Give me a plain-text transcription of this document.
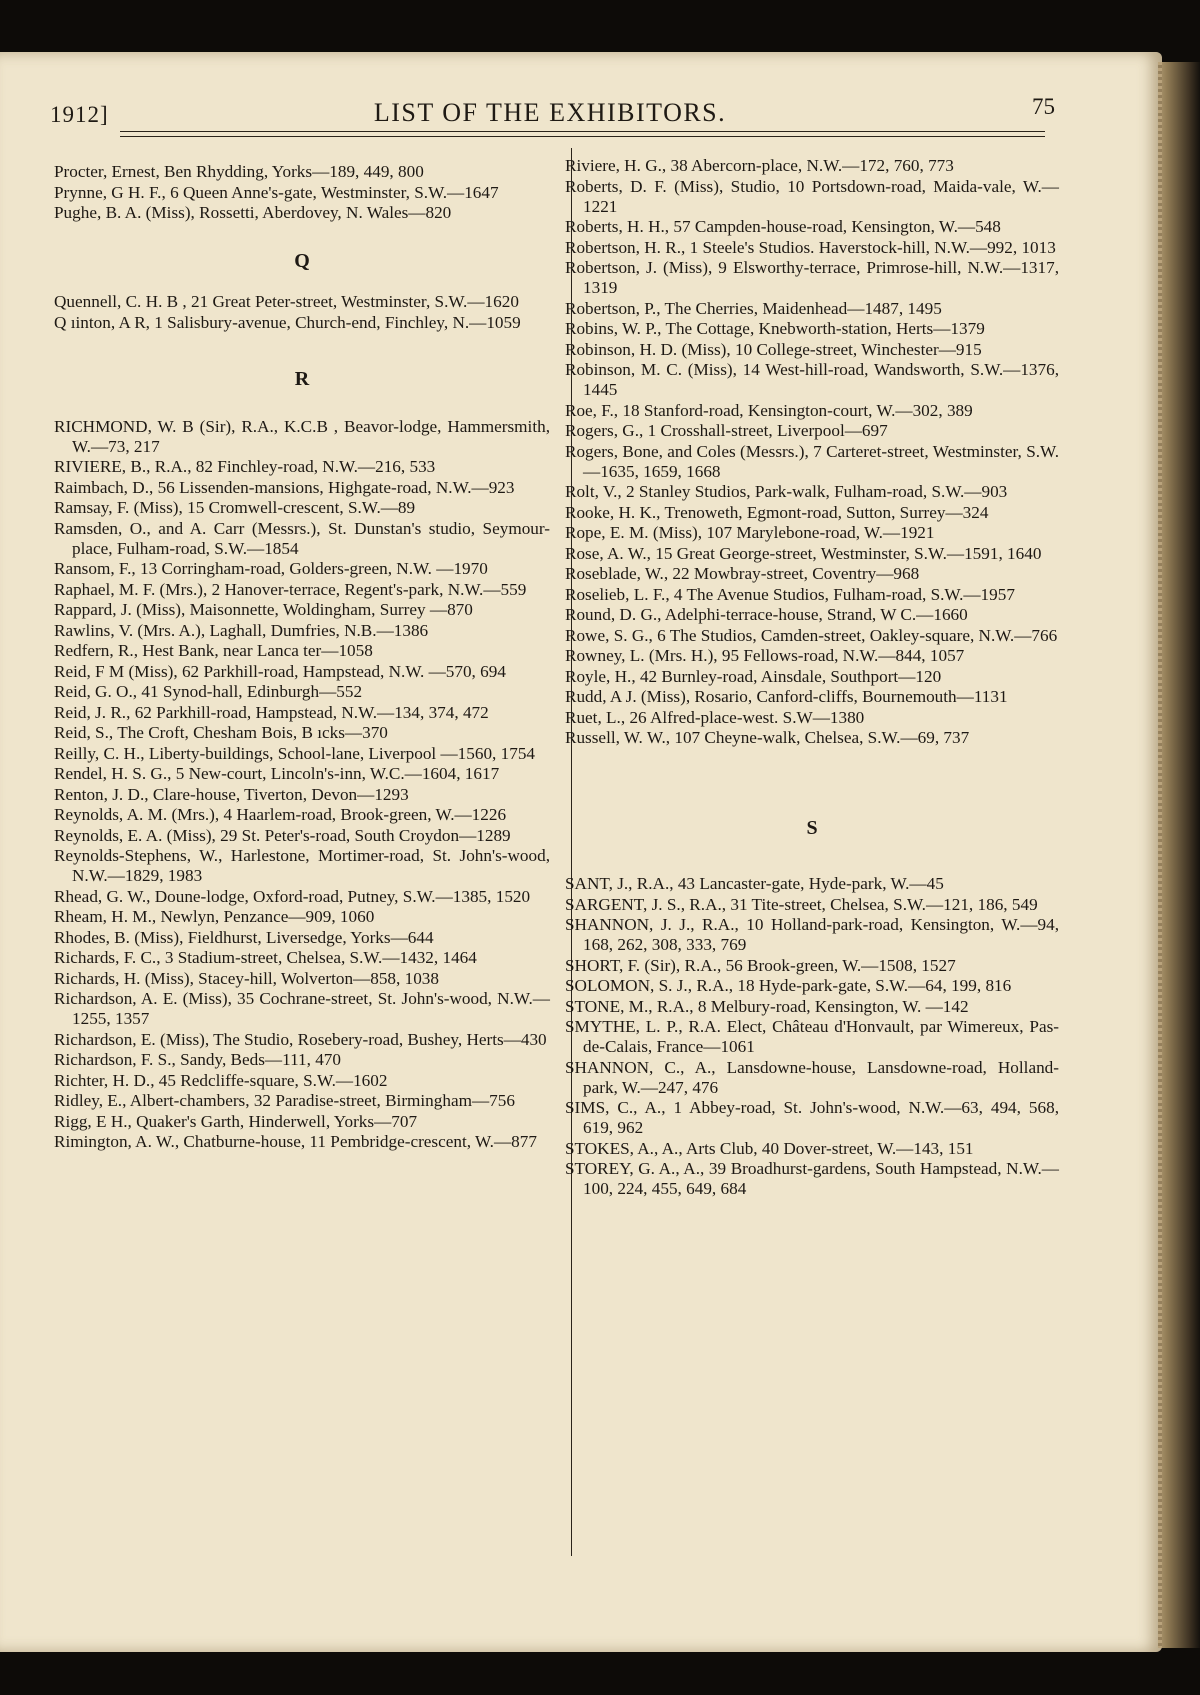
1912]	LIST OF THE EXHIBITORS.	75
Procter, Ernest, Ben Rhydding, Yorks—189, 449, 800
Prynne, G H. F., 6 Queen Anne's-gate, Westminster, S.W.—1647
Pughe, B. A. (Miss), Rossetti, Aberdovey, N. Wales—820
Q
Quennell, C. H. B , 21 Great Peter-street, Westminster, S.W.—1620
Q ıinton, A R, 1 Salisbury-avenue, Church-end, Finchley, N.—1059
R
RICHMOND, W. B (Sir), R.A., K.C.B , Beavor-lodge, Hammersmith, W.—73, 217
RIVIERE, B., R.A., 82 Finchley-road, N.W.—216, 533
Raimbach, D., 56 Lissenden-mansions, Highgate-road, N.W.—923
Ramsay, F. (Miss), 15 Cromwell-crescent, S.W.—89
Ramsden, O., and A. Carr (Messrs.), St. Dunstan's studio, Seymour-place, Fulham-road, S.W.—1854
Ransom, F., 13 Corringham-road, Golders-green, N.W. —1970
Raphael, M. F. (Mrs.), 2 Hanover-terrace, Regent's-park, N.W.—559
Rappard, J. (Miss), Maisonnette, Woldingham, Surrey —870
Rawlins, V. (Mrs. A.), Laghall, Dumfries, N.B.—1386
Redfern, R., Hest Bank, near Lanca ter—1058
Reid, F M (Miss), 62 Parkhill-road, Hampstead, N.W. —570, 694
Reid, G. O., 41 Synod-hall, Edinburgh—552
Reid, J. R., 62 Parkhill-road, Hampstead, N.W.—134, 374, 472
Reid, S., The Croft, Chesham Bois, B ıcks—370
Reilly, C. H., Liberty-buildings, School-lane, Liverpool —1560, 1754
Rendel, H. S. G., 5 New-court, Lincoln's-inn, W.C.—1604, 1617
Renton, J. D., Clare-house, Tiverton, Devon—1293
Reynolds, A. M. (Mrs.), 4 Haarlem-road, Brook-green, W.—1226
Reynolds, E. A. (Miss), 29 St. Peter's-road, South Croydon—1289
Reynolds-Stephens, W., Harlestone, Mortimer-road, St. John's-wood, N.W.—1829, 1983
Rhead, G. W., Doune-lodge, Oxford-road, Putney, S.W.—1385, 1520
Rheam, H. M., Newlyn, Penzance—909, 1060
Rhodes, B. (Miss), Fieldhurst, Liversedge, Yorks—644
Richards, F. C., 3 Stadium-street, Chelsea, S.W.—1432, 1464
Richards, H. (Miss), Stacey-hill, Wolverton—858, 1038
Richardson, A. E. (Miss), 35 Cochrane-street, St. John's-wood, N.W.—1255, 1357
Richardson, E. (Miss), The Studio, Rosebery-road, Bushey, Herts—430
Richardson, F. S., Sandy, Beds—111, 470
Richter, H. D., 45 Redcliffe-square, S.W.—1602
Ridley, E., Albert-chambers, 32 Paradise-street, Birmingham—756
Rigg, E H., Quaker's Garth, Hinderwell, Yorks—707
Rimington, A. W., Chatburne-house, 11 Pembridge-crescent, W.—877
Riviere, H. G., 38 Abercorn-place, N.W.—172, 760, 773
Roberts, D. F. (Miss), Studio, 10 Portsdown-road, Maida-vale, W.—1221
Roberts, H. H., 57 Campden-house-road, Kensington, W.—548
Robertson, H. R., 1 Steele's Studios. Haverstock-hill, N.W.—992, 1013
Robertson, J. (Miss), 9 Elsworthy-terrace, Primrose-hill, N.W.—1317, 1319
Robertson, P., The Cherries, Maidenhead—1487, 1495
Robins, W. P., The Cottage, Knebworth-station, Herts—1379
Robinson, H. D. (Miss), 10 College-street, Winchester—915
Robinson, M. C. (Miss), 14 West-hill-road, Wandsworth, S.W.—1376, 1445
Roe, F., 18 Stanford-road, Kensington-court, W.—302, 389
Rogers, G., 1 Crosshall-street, Liverpool—697
Rogers, Bone, and Coles (Messrs.), 7 Carteret-street, Westminster, S.W.—1635, 1659, 1668
Rolt, V., 2 Stanley Studios, Park-walk, Fulham-road, S.W.—903
Rooke, H. K., Trenoweth, Egmont-road, Sutton, Surrey—324
Rope, E. M. (Miss), 107 Marylebone-road, W.—1921
Rose, A. W., 15 Great George-street, Westminster, S.W.—1591, 1640
Roseblade, W., 22 Mowbray-street, Coventry—968
Roselieb, L. F., 4 The Avenue Studios, Fulham-road, S.W.—1957
Round, D. G., Adelphi-terrace-house, Strand, W C.—1660
Rowe, S. G., 6 The Studios, Camden-street, Oakley-square, N.W.—766
Rowney, L. (Mrs. H.), 95 Fellows-road, N.W.—844, 1057
Royle, H., 42 Burnley-road, Ainsdale, Southport—120
Rudd, A J. (Miss), Rosario, Canford-cliffs, Bournemouth—1131
Ruet, L., 26 Alfred-place-west. S.W—1380
Russell, W. W., 107 Cheyne-walk, Chelsea, S.W.—69, 737
S
SANT, J., R.A., 43 Lancaster-gate, Hyde-park, W.—45
SARGENT, J. S., R.A., 31 Tite-street, Chelsea, S.W.—121, 186, 549
SHANNON, J. J., R.A., 10 Holland-park-road, Kensington, W.—94, 168, 262, 308, 333, 769
SHORT, F. (Sir), R.A., 56 Brook-green, W.—1508, 1527
SOLOMON, S. J., R.A., 18 Hyde-park-gate, S.W.—64, 199, 816
STONE, M., R.A., 8 Melbury-road, Kensington, W. —142
SMYTHE, L. P., R.A. Elect, Château d'Honvault, par Wimereux, Pas-de-Calais, France—1061
SHANNON, C., A., Lansdowne-house, Lansdowne-road, Holland-park, W.—247, 476
SIMS, C., A., 1 Abbey-road, St. John's-wood, N.W.—63, 494, 568, 619, 962
STOKES, A., A., Arts Club, 40 Dover-street, W.—143, 151
STOREY, G. A., A., 39 Broadhurst-gardens, South Hampstead, N.W.—100, 224, 455, 649, 684
